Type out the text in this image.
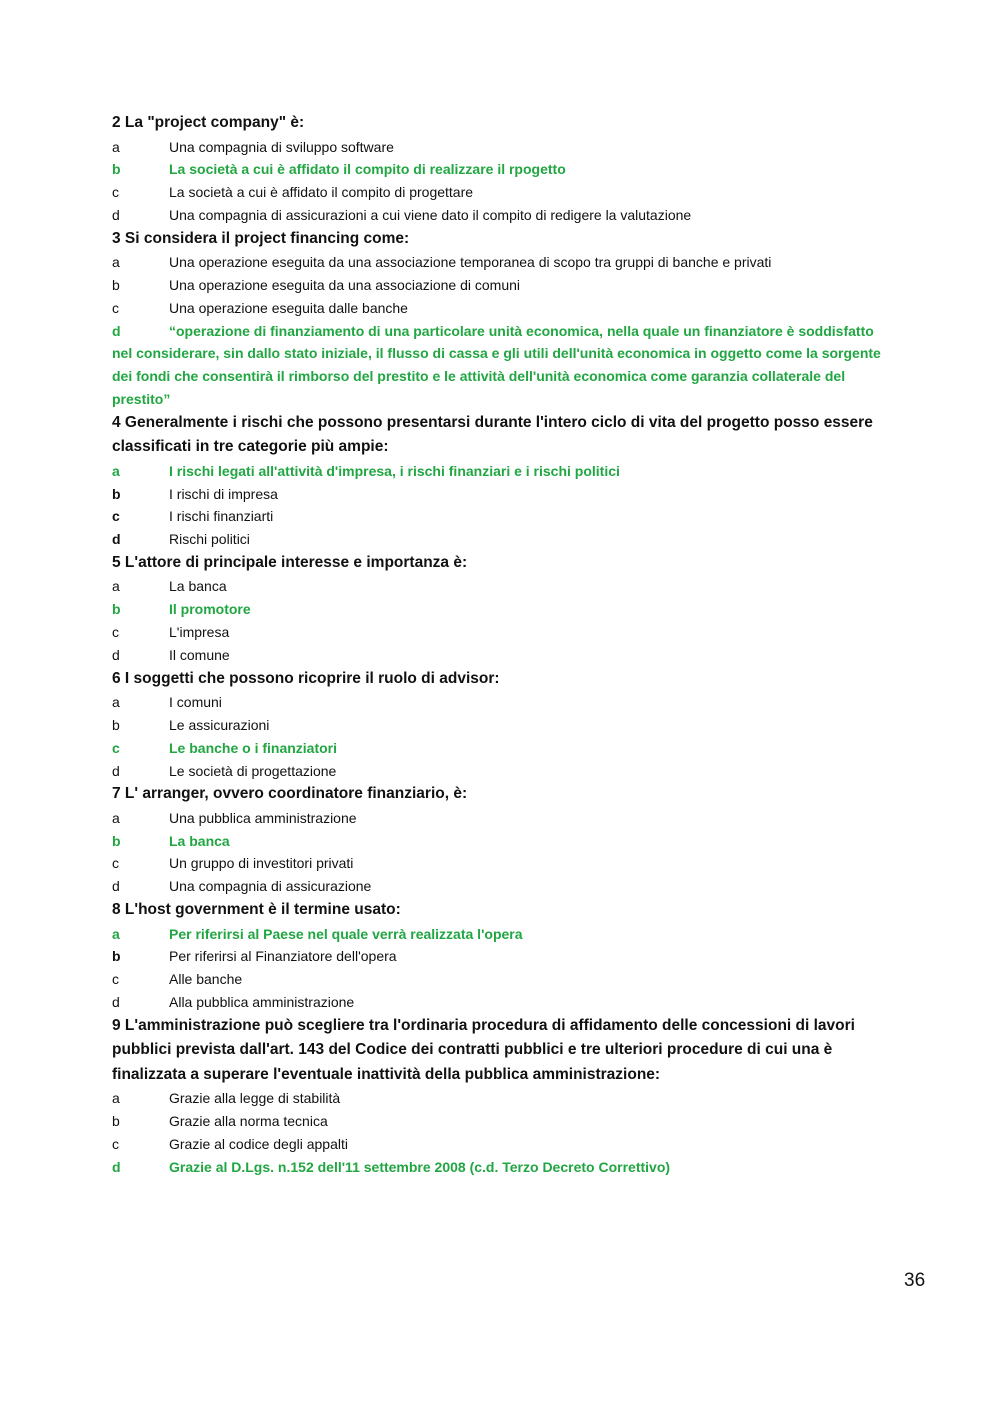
2 La "project company" è:

a	Una compagnia di sviluppo software
b	La società a cui è affidato il compito di realizzare il rpogetto
c	La società a cui è affidato il compito di progettare
d	Una compagnia di assicurazioni a cui viene dato il compito di redigere la valutazione

3 Si considera il project financing come:

a	Una operazione eseguita da una associazione temporanea di scopo tra gruppi di banche e privati
b	Una operazione eseguita da una associazione di comuni
c	Una operazione eseguita dalle banche
d	“operazione di finanziamento di una particolare unità economica, nella quale un finanziatore è soddisfatto nel considerare, sin dallo stato iniziale, il flusso di cassa e gli utili dell'unità economica in oggetto come la sorgente dei fondi che consentirà il rimborso del prestito e le attività dell'unità economica come garanzia collaterale del prestito”

4 Generalmente i rischi che possono presentarsi durante l'intero ciclo di vita del progetto posso essere classificati in tre categorie più ampie:

a	I rischi legati all'attività d'impresa, i rischi finanziari e i rischi politici
b	I rischi di impresa
c	I rischi finanziarti
d	Rischi politici

5 L'attore di principale interesse e importanza è:

a	La banca
b	Il promotore
c	L'impresa
d	Il comune

6 I soggetti che possono ricoprire il ruolo di advisor:

a	I comuni
b	Le assicurazioni
c	Le banche o i finanziatori
d	Le società di progettazione

7 L' arranger, ovvero coordinatore finanziario, è:

a	Una pubblica amministrazione
b	La banca
c	Un gruppo di investitori privati
d	Una compagnia di assicurazione

8 L'host government è il termine usato:

a	Per riferirsi al Paese nel quale verrà realizzata l'opera
b	Per riferirsi al Finanziatore dell'opera
c	Alle banche
d	Alla pubblica amministrazione

9 L'amministrazione può scegliere tra l'ordinaria procedura di affidamento delle concessioni di lavori pubblici prevista dall'art. 143 del Codice dei contratti pubblici e tre ulteriori procedure di cui una è finalizzata a superare l'eventuale inattività della pubblica amministrazione:

a	Grazie alla legge di stabilità
b	Grazie alla norma tecnica
c	Grazie al codice degli appalti
d	Grazie al D.Lgs. n.152 dell'11 settembre 2008 (c.d. Terzo Decreto Correttivo)
36
